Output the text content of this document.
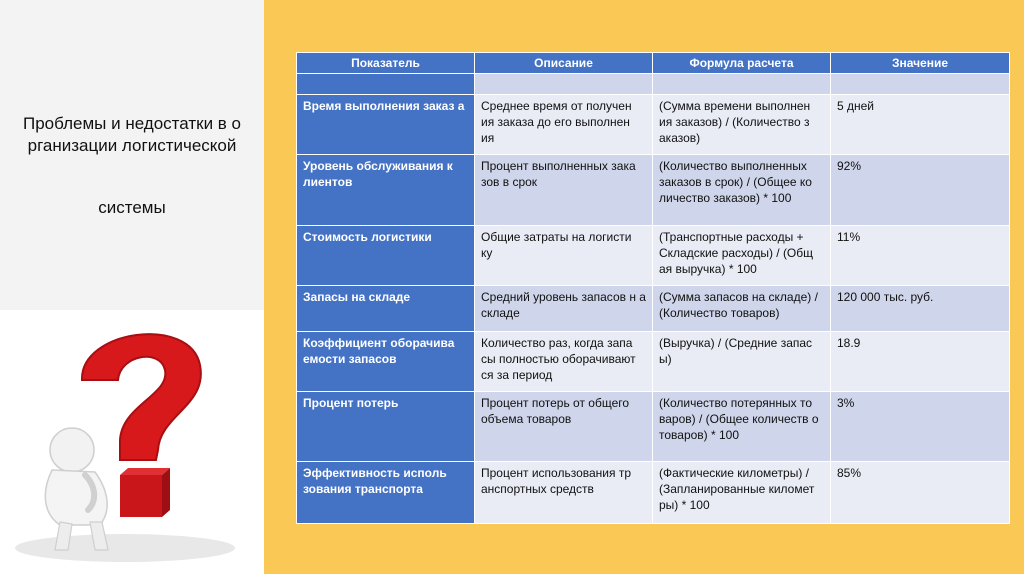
Проблемы и недостатки в о
рганизации логистической
системы
Показатель	Описание	Формула расчета	Значение

Время выполнения заказ а	Среднее время от получен ия заказа до его выполнен ия	(Сумма времени выполнен ия заказов) / (Количество з аказов)	5 дней
Уровень обслуживания к лиентов	Процент выполненных зака зов в срок	(Количество выполненных заказов в срок) / (Общее ко личество заказов) * 100	92%
Стоимость логистики	Общие затраты на логисти ку	(Транспортные расходы + Складские расходы) / (Общ ая выручка) * 100	11%
Запасы на складе	Средний уровень запасов н а складе	(Сумма запасов на складе) / (Количество товаров)	120 000 тыс. руб.
Коэффициент оборачива емости запасов	Количество раз, когда запа сы полностью оборачивают ся за период	(Выручка) / (Средние запас ы)	18.9
Процент потерь	Процент потерь от общего объема товаров	(Количество потерянных то варов) / (Общее количеств о товаров) * 100	3%
Эффективность исполь зования транспорта	Процент использования тр анспортных средств	(Фактические километры) / (Запланированные километ ры) * 100	85%
